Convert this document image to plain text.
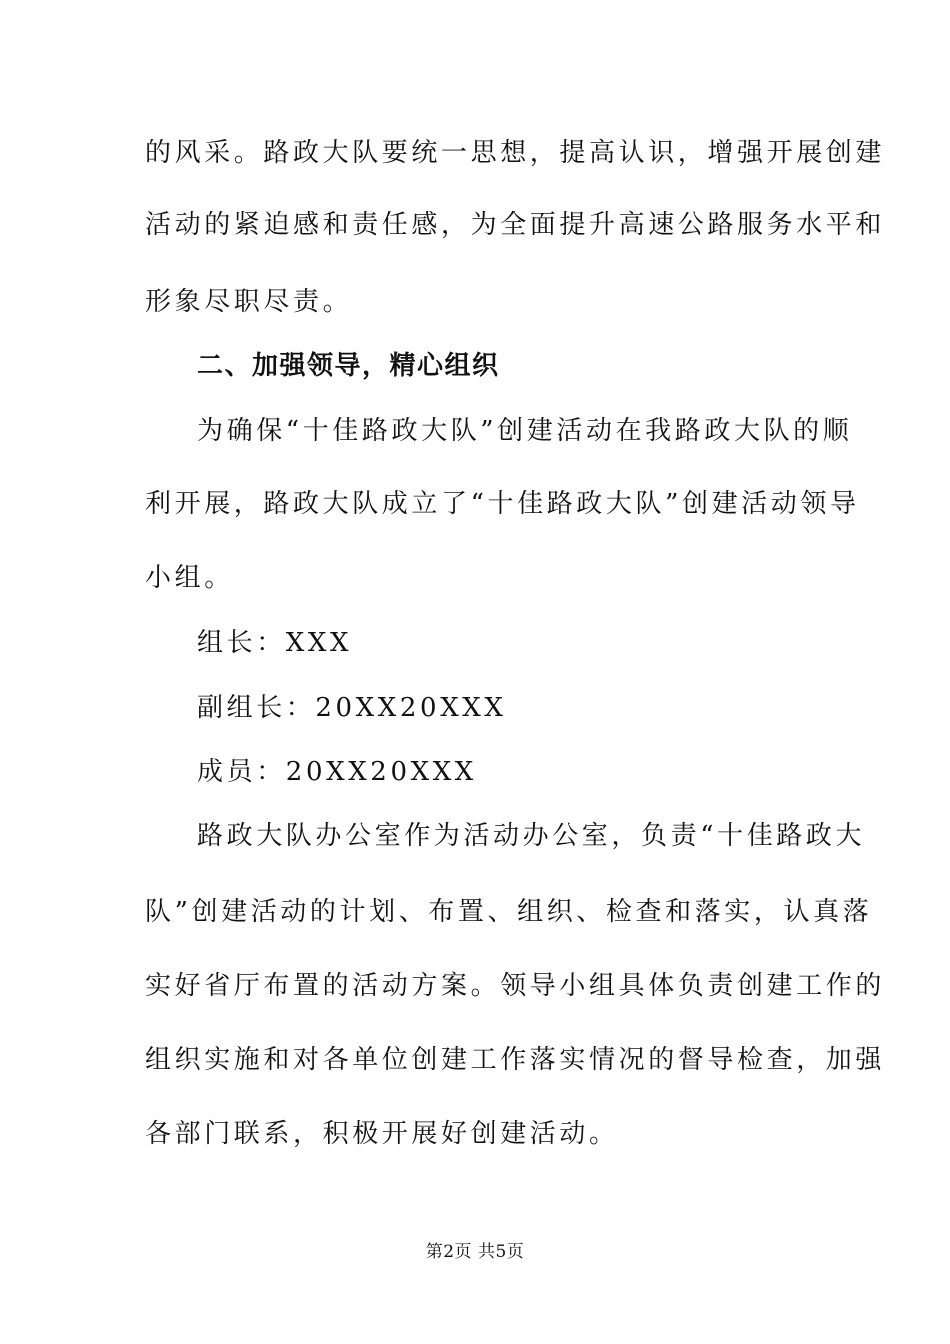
的风采。路政大队要统一思想，提高认识，增强开展创建
活动的紧迫感和责任感，为全面提升高速公路服务水平和
形象尽职尽责。
二、加强领导，精心组织
为确保“十佳路政大队”创建活动在我路政大队的顺
利开展，路政大队成立了“十佳路政大队”创建活动领导
小组。
组长：XXX
副组长：20XX20XXX
成员：20XX20XXX
路政大队办公室作为活动办公室，负责“十佳路政大
队”创建活动的计划、布置、组织、检查和落实，认真落
实好省厅布置的活动方案。领导小组具体负责创建工作的
组织实施和对各单位创建工作落实情况的督导检查，加强
各部门联系，积极开展好创建活动。
第2页 共5页
